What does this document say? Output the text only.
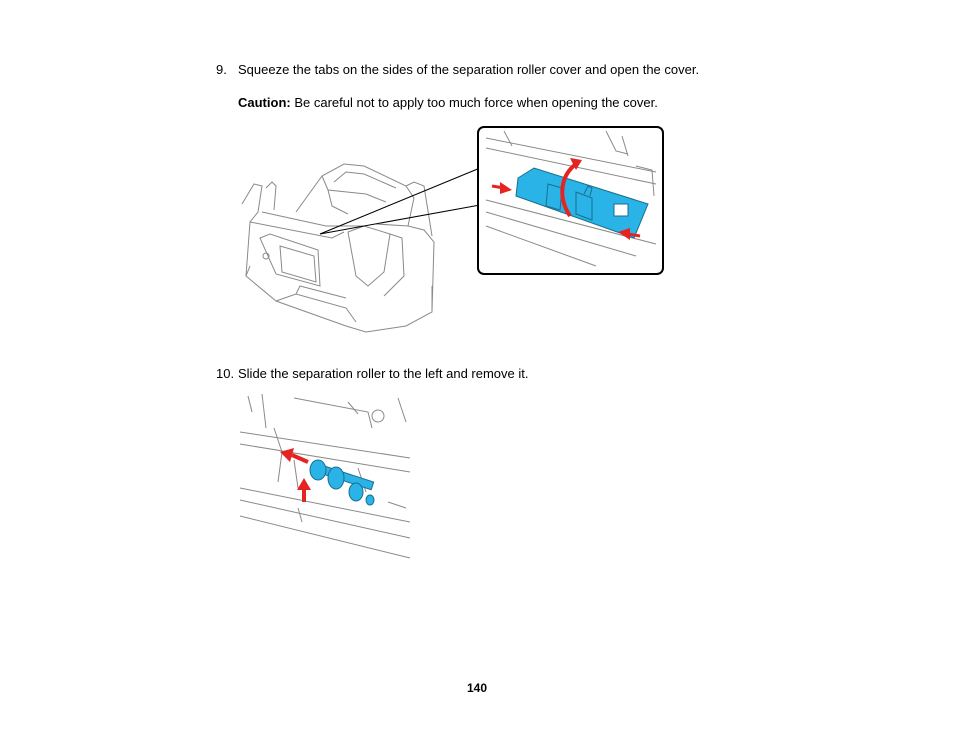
9. Squeeze the tabs on the sides of the separation roller cover and open the cover.
Caution: Be careful not to apply too much force when opening the cover.
10. Slide the separation roller to the left and remove it.
140
